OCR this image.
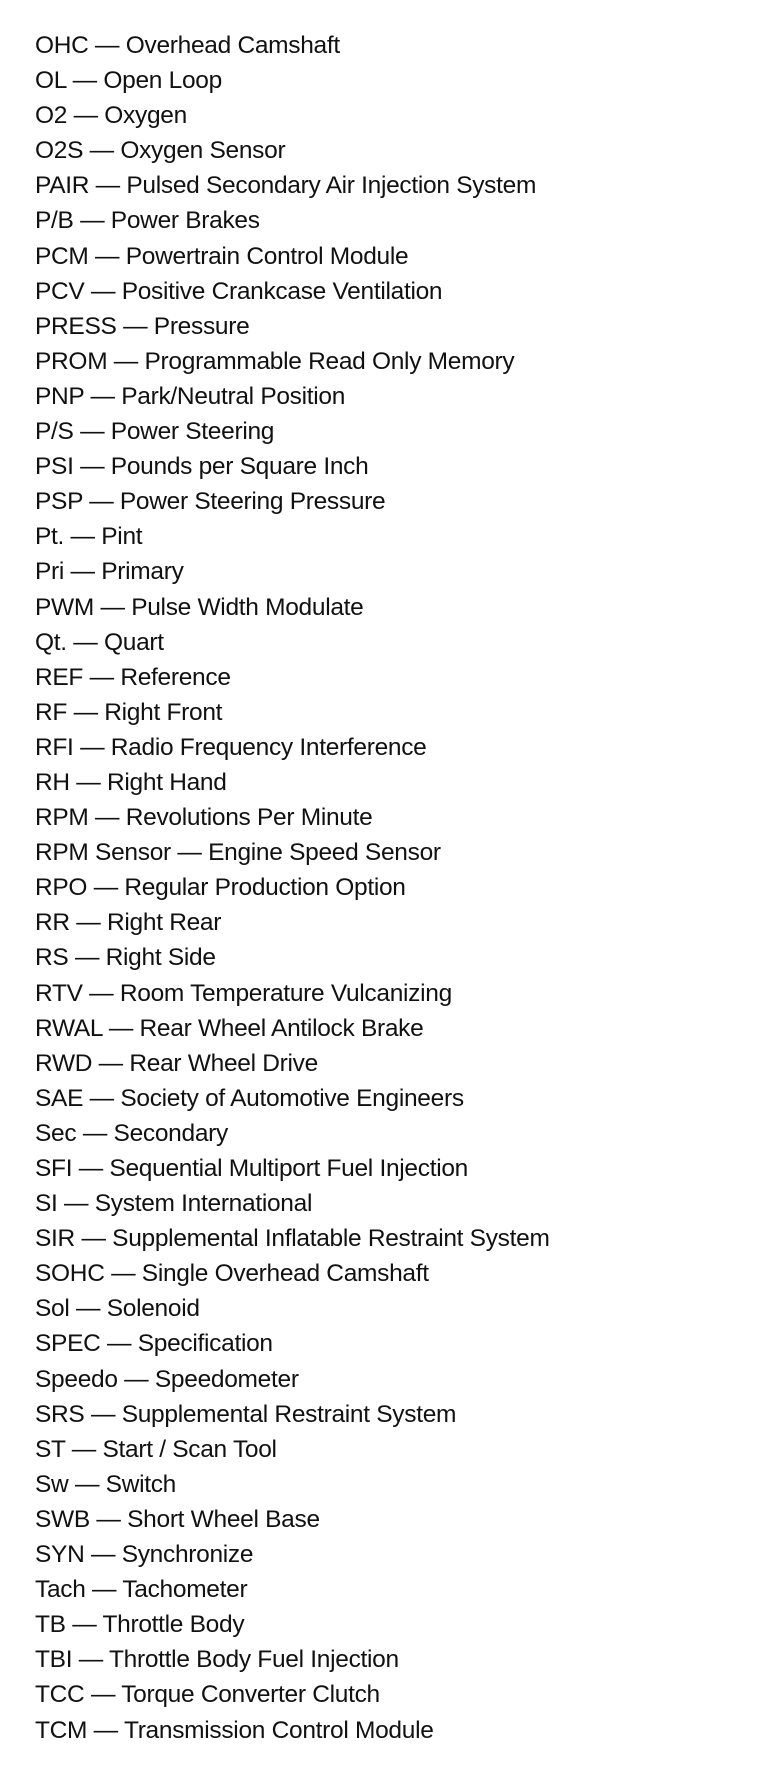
OHC — Overhead Camshaft
OL — Open Loop
O2 — Oxygen
O2S — Oxygen Sensor
PAIR — Pulsed Secondary Air Injection System
P/B — Power Brakes
PCM — Powertrain Control Module
PCV — Positive Crankcase Ventilation
PRESS — Pressure
PROM — Programmable Read Only Memory
PNP — Park/Neutral Position
P/S — Power Steering
PSI — Pounds per Square Inch
PSP — Power Steering Pressure
Pt. — Pint
Pri — Primary
PWM — Pulse Width Modulate
Qt. — Quart
REF — Reference
RF — Right Front
RFI — Radio Frequency Interference
RH — Right Hand
RPM — Revolutions Per Minute
RPM Sensor — Engine Speed Sensor
RPO — Regular Production Option
RR — Right Rear
RS — Right Side
RTV — Room Temperature Vulcanizing
RWAL — Rear Wheel Antilock Brake
RWD — Rear Wheel Drive
SAE — Society of Automotive Engineers
Sec — Secondary
SFI — Sequential Multiport Fuel Injection
SI — System International
SIR — Supplemental Inflatable Restraint System
SOHC — Single Overhead Camshaft
Sol — Solenoid
SPEC — Specification
Speedo — Speedometer
SRS — Supplemental Restraint System
ST — Start / Scan Tool
Sw — Switch
SWB — Short Wheel Base
SYN — Synchronize
Tach — Tachometer
TB — Throttle Body
TBI — Throttle Body Fuel Injection
TCC — Torque Converter Clutch
TCM — Transmission Control Module
